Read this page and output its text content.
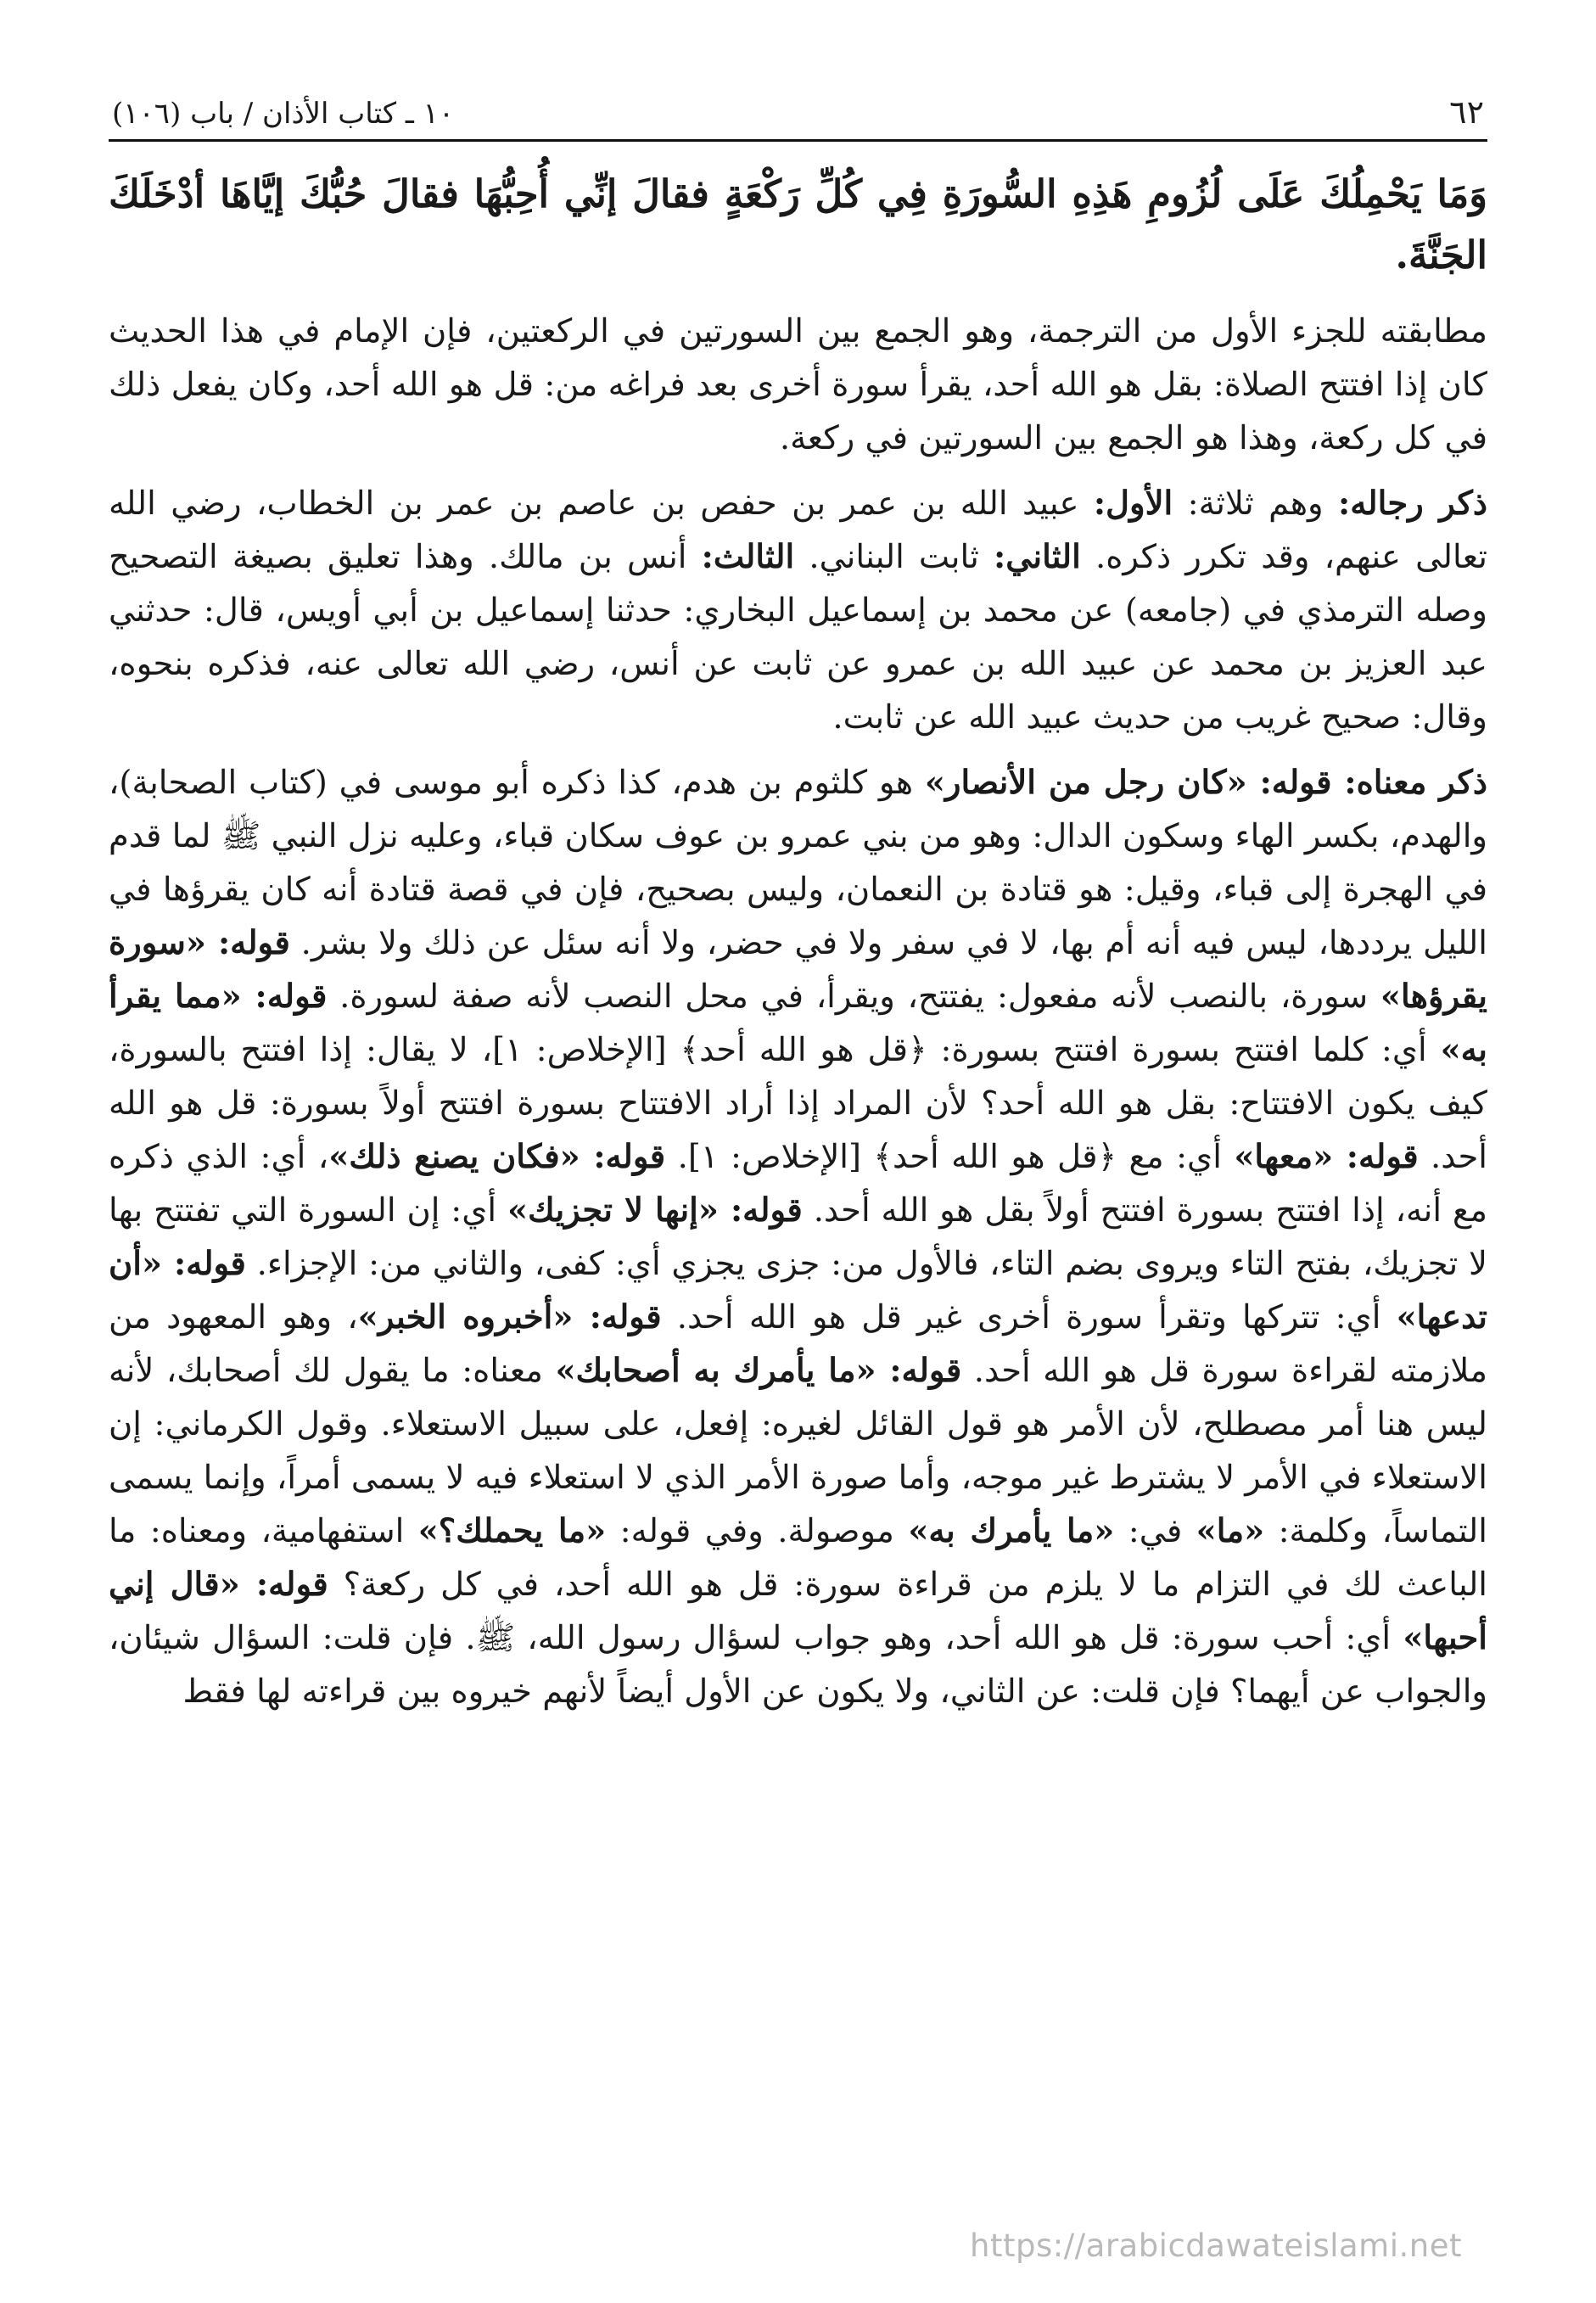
٦٢
١٠ ـ كتاب الأذان / باب (١٠٦)
وَمَا يَحْمِلُكَ عَلَى لُزُومِ هَذِهِ السُّورَةِ فِي كُلِّ رَكْعَةٍ فقالَ إنِّي أُحِبُّهَا فقالَ حُبُّكَ إيَّاهَا أدْخَلَكَ الجَنَّةَ.

مطابقته للجزء الأول من الترجمة، وهو الجمع بين السورتين في الركعتين، فإن الإمام في هذا الحديث كان إذا افتتح الصلاة: بقل هو الله أحد، يقرأ سورة أخرى بعد فراغه من: قل هو الله أحد، وكان يفعل ذلك في كل ركعة، وهذا هو الجمع بين السورتين في ركعة.

ذكر رجاله: وهم ثلاثة: الأول: عبيد الله بن عمر بن حفص بن عاصم بن عمر بن الخطاب، رضي الله تعالى عنهم، وقد تكرر ذكره. الثاني: ثابت البناني. الثالث: أنس بن مالك. وهذا تعليق بصيغة التصحيح وصله الترمذي في (جامعه) عن محمد بن إسماعيل البخاري: حدثنا إسماعيل بن أبي أويس، قال: حدثني عبد العزيز بن محمد عن عبيد الله بن عمرو عن ثابت عن أنس، رضي الله تعالى عنه، فذكره بنحوه، وقال: صحيح غريب من حديث عبيد الله عن ثابت.

ذكر معناه: قوله: «كان رجل من الأنصار» هو كلثوم بن هدم، كذا ذكره أبو موسى في (كتاب الصحابة)، والهدم، بكسر الهاء وسكون الدال: وهو من بني عمرو بن عوف سكان قباء، وعليه نزل النبي ﷺ لما قدم في الهجرة إلى قباء، وقيل: هو قتادة بن النعمان، وليس بصحيح، فإن في قصة قتادة أنه كان يقرؤها في الليل يرددها، ليس فيه أنه أم بها، لا في سفر ولا في حضر، ولا أنه سئل عن ذلك ولا بشر. قوله: «سورة يقرؤها» سورة، بالنصب لأنه مفعول: يفتتح، ويقرأ، في محل النصب لأنه صفة لسورة. قوله: «مما يقرأ به» أي: كلما افتتح بسورة افتتح بسورة: ﴿قل هو الله أحد﴾ [الإخلاص: ١]، لا يقال: إذا افتتح بالسورة، كيف يكون الافتتاح: بقل هو الله أحد؟ لأن المراد إذا أراد الافتتاح بسورة افتتح أولاً بسورة: قل هو الله أحد. قوله: «معها» أي: مع ﴿قل هو الله أحد﴾ [الإخلاص: ١]. قوله: «فكان يصنع ذلك»، أي: الذي ذكره مع أنه، إذا افتتح بسورة افتتح أولاً بقل هو الله أحد. قوله: «إنها لا تجزيك» أي: إن السورة التي تفتتح بها لا تجزيك، بفتح التاء ويروى بضم التاء، فالأول من: جزى يجزي أي: كفى، والثاني من: الإجزاء. قوله: «أن تدعها» أي: تتركها وتقرأ سورة أخرى غير قل هو الله أحد. قوله: «أخبروه الخبر»، وهو المعهود من ملازمته لقراءة سورة قل هو الله أحد. قوله: «ما يأمرك به أصحابك» معناه: ما يقول لك أصحابك، لأنه ليس هنا أمر مصطلح، لأن الأمر هو قول القائل لغيره: إفعل، على سبيل الاستعلاء. وقول الكرماني: إن الاستعلاء في الأمر لا يشترط غير موجه، وأما صورة الأمر الذي لا استعلاء فيه لا يسمى أمراً، وإنما يسمى التماساً، وكلمة: «ما» في: «ما يأمرك به» موصولة. وفي قوله: «ما يحملك؟» استفهامية، ومعناه: ما الباعث لك في التزام ما لا يلزم من قراءة سورة: قل هو الله أحد، في كل ركعة؟ قوله: «قال إني أحبها» أي: أحب سورة: قل هو الله أحد، وهو جواب لسؤال رسول الله، ﷺ. فإن قلت: السؤال شيئان، والجواب عن أيهما؟ فإن قلت: عن الثاني، ولا يكون عن الأول أيضاً لأنهم خيروه بين قراءته لها فقط

https://arabicdawateislami.net
